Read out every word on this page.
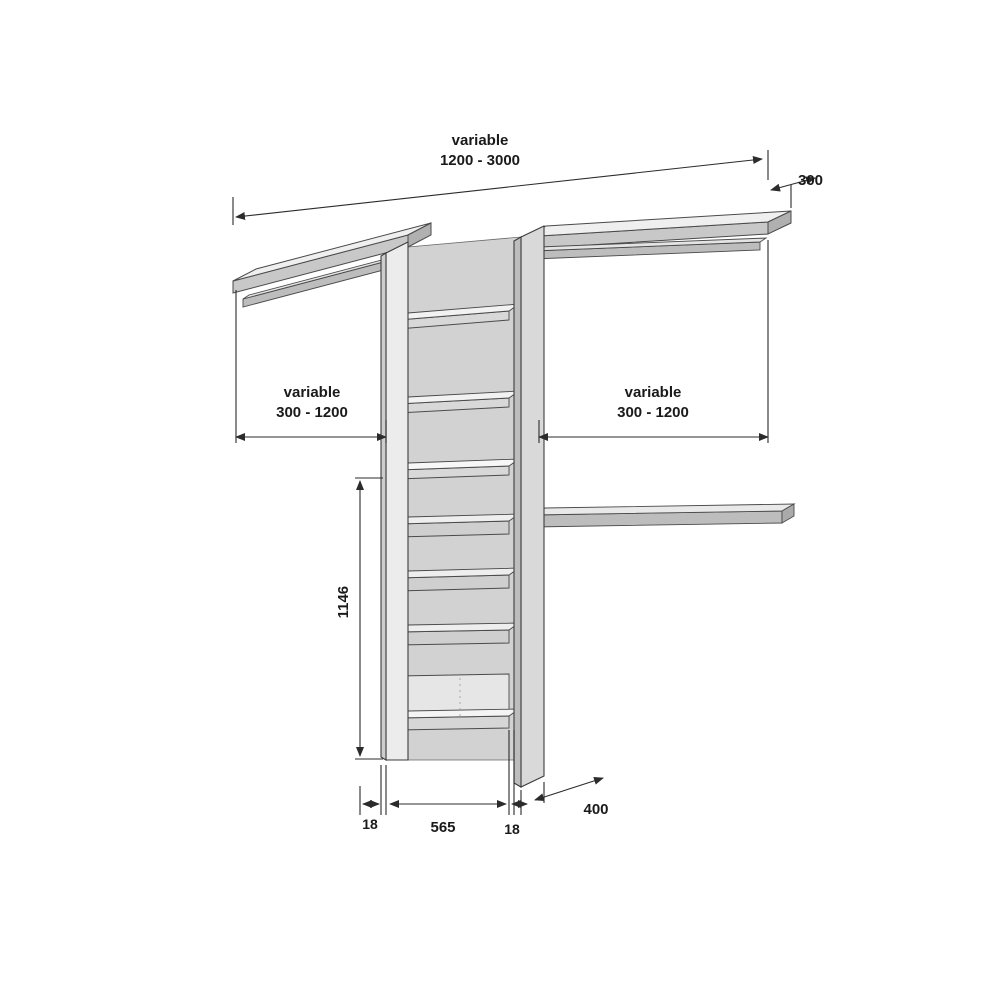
variable
1200 - 3000
300
variable
300 - 1200
variable
300 - 1200
1146
18	565	18
400
